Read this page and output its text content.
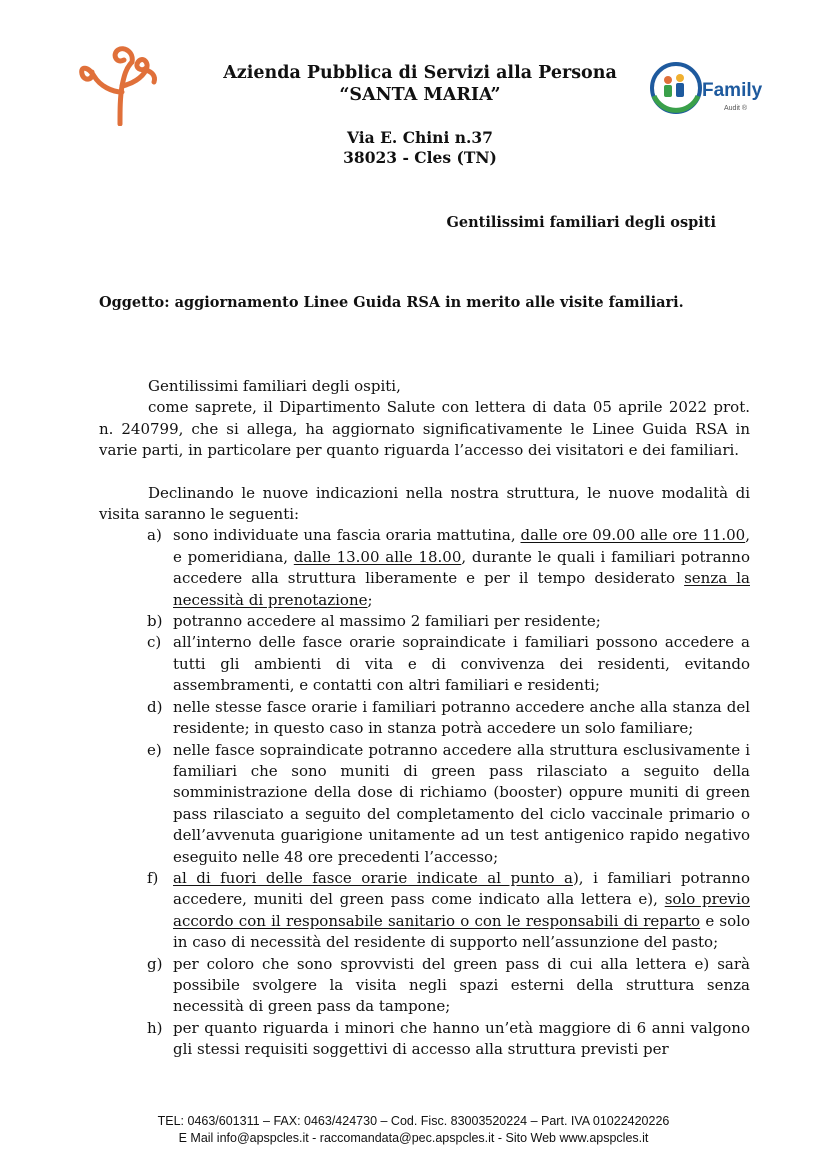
Family
Audit ®
Azienda Pubblica di Servizi alla Persona
“SANTA MARIA”
Via E. Chini n.37
38023 - Cles (TN)
Gentilissimi familiari degli ospiti
Oggetto: aggiornamento Linee Guida RSA in merito alle visite familiari.

Gentilissimi familiari degli ospiti,

come saprete, il Dipartimento Salute con lettera di data 05 aprile 2022 prot. n. 240799, che si allega, ha aggiornato significativamente le Linee Guida RSA in varie parti, in particolare per quanto riguarda l’accesso dei visitatori e dei familiari.

Declinando le nuove indicazioni nella nostra struttura, le nuove modalità di visita saranno le seguenti:

a) sono individuate una fascia oraria mattutina, dalle ore 09.00 alle ore 11.00, e pomeridiana, dalle 13.00 alle 18.00, durante le quali i familiari potranno accedere alla struttura liberamente e per il tempo desiderato senza la necessità di prenotazione;
b) potranno accedere al massimo 2 familiari per residente;
c) all’interno delle fasce orarie sopraindicate i familiari possono accedere a tutti gli ambienti di vita e di convivenza dei residenti, evitando assembramenti, e contatti con altri familiari e residenti;
d) nelle stesse fasce orarie i familiari potranno accedere anche alla stanza del residente; in questo caso in stanza potrà accedere un solo familiare;
e) nelle fasce sopraindicate potranno accedere alla struttura esclusivamente i familiari che sono muniti di green pass rilasciato a seguito della somministrazione della dose di richiamo (booster) oppure muniti di green pass rilasciato a seguito del completamento del ciclo vaccinale primario o dell’avvenuta guarigione unitamente ad un test antigenico rapido negativo eseguito nelle 48 ore precedenti l’accesso;
f) al di fuori delle fasce orarie indicate al punto a), i familiari potranno accedere, muniti del green pass come indicato alla lettera e), solo previo accordo con il responsabile sanitario o con le responsabili di reparto e solo in caso di necessità del residente di supporto nell’assunzione del pasto;
g) per coloro che sono sprovvisti del green pass di cui alla lettera e) sarà possibile svolgere la visita negli spazi esterni della struttura senza necessità di green pass da tampone;
h) per quanto riguarda i minori che hanno un’età maggiore di 6 anni valgono gli stessi requisiti soggettivi di accesso alla struttura previsti per
TEL: 0463/601311 – FAX: 0463/424730 – Cod. Fisc. 83003520224 – Part. IVA 01022420226
E Mail info@apspcles.it - raccomandata@pec.apspcles.it - Sito Web www.apspcles.it
